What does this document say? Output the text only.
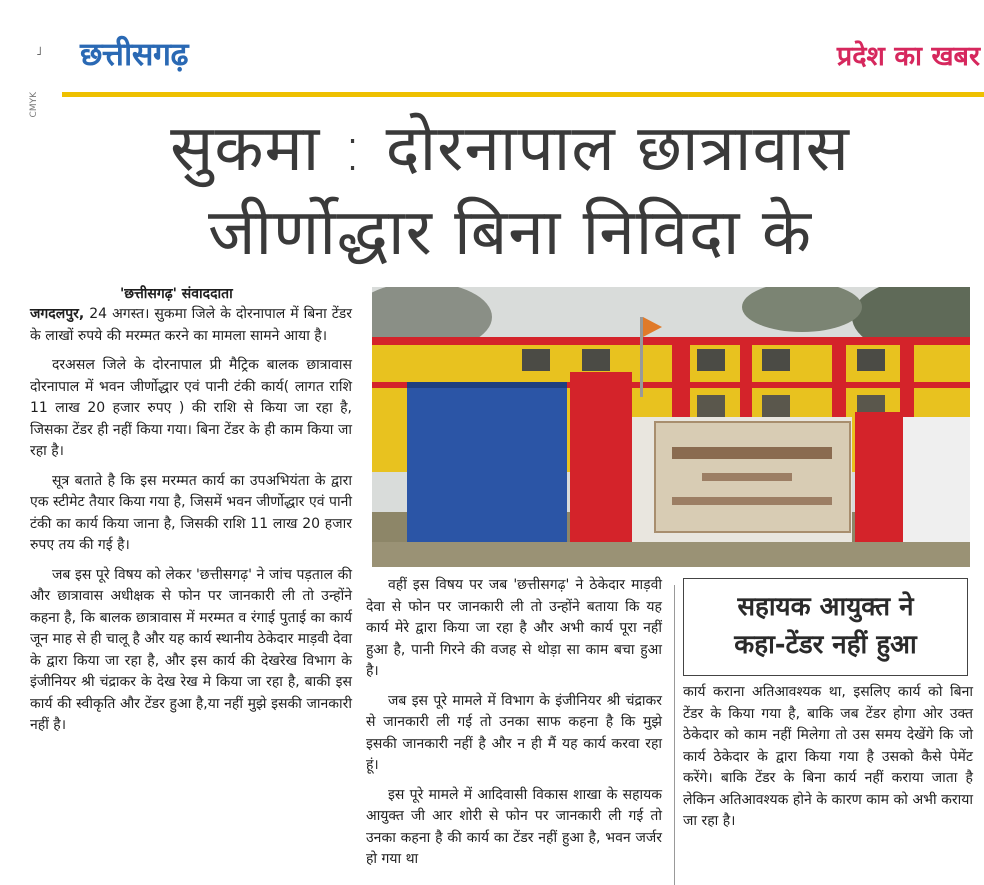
˩
CMYK
छत्तीसगढ़	प्रदेश का खबर
सुकमा : दोरनापाल छात्रावास
जीर्णोद्धार बिना निविदा के
'छत्तीसगढ़' संवाददाता

जगदलपुर, 24 अगस्त। सुकमा जिले के दोरनापाल में बिना टेंडर के लाखों रुपये की मरम्मत करने का मामला सामने आया है।

दरअसल जिले के दोरनापाल प्री मैट्रिक बालक छात्रावास दोरनापाल में भवन जीर्णोद्धार एवं पानी टंकी कार्य( लागत राशि 11 लाख 20 हजार रुपए ) की राशि से किया जा रहा है, जिसका टेंडर ही नहीं किया गया। बिना टेंडर के ही काम किया जा रहा है।

सूत्र बताते है कि इस मरम्मत कार्य का उपअभियंता के द्वारा एक स्टीमेट तैयार किया गया है, जिसमें भवन जीर्णोद्धार एवं पानी टंकी का कार्य किया जाना है, जिसकी राशि 11 लाख 20 हजार रुपए तय की गई है।

जब इस पूरे विषय को लेकर 'छत्तीसगढ़' ने जांच पड़ताल की और छात्रावास अधीक्षक से फोन पर जानकारी ली तो उन्होंने कहना है, कि बालक छात्रावास में मरम्मत व रंगाई पुताई का कार्य जून माह से ही चालू है और यह कार्य स्थानीय ठेकेदार माड़वी देवा के द्वारा किया जा रहा है, और इस कार्य की देखरेख विभाग के इंजीनियर श्री चंद्राकर के देख रेख मे किया जा रहा है, बाकी इस कार्य की स्वीकृति और टेंडर हुआ है,या नहीं मुझे इसकी जानकारी नहीं है।

वहीं इस विषय पर जब 'छत्तीसगढ़' ने ठेकेदार माड़वी देवा से फोन पर जानकारी ली तो उन्होंने बताया कि यह कार्य मेरे द्वारा किया जा रहा है और अभी कार्य पूरा नहीं हुआ है, पानी गिरने की वजह से थोड़ा सा काम बचा हुआ है।

जब इस पूरे मामले में विभाग के इंजीनियर श्री चंद्राकर से जानकारी ली गई तो उनका साफ कहना है कि मुझे इसकी जानकारी नहीं है और न ही मैं यह कार्य करवा रहा हूं।

इस पूरे मामले में आदिवासी विकास शाखा के सहायक आयुक्त जी आर शोरी से फोन पर जानकारी ली गई तो उनका कहना है की कार्य का टेंडर नहीं हुआ है, भवन जर्जर हो गया था

सहायक आयुक्त ने
कहा-टेंडर नहीं हुआ

कार्य कराना अतिआवश्यक था, इसलिए कार्य को बिना टेंडर के किया गया है, बाकि जब टेंडर होगा ओर उक्त ठेकेदार को काम नहीं मिलेगा तो उस समय देखेंगे कि जो कार्य ठेकेदार के द्वारा किया गया है उसको कैसे पेमेंट करेंगे। बाकि टेंडर के बिना कार्य नहीं कराया जाता है लेकिन अतिआवश्यक होने के कारण काम को अभी कराया जा रहा है।
